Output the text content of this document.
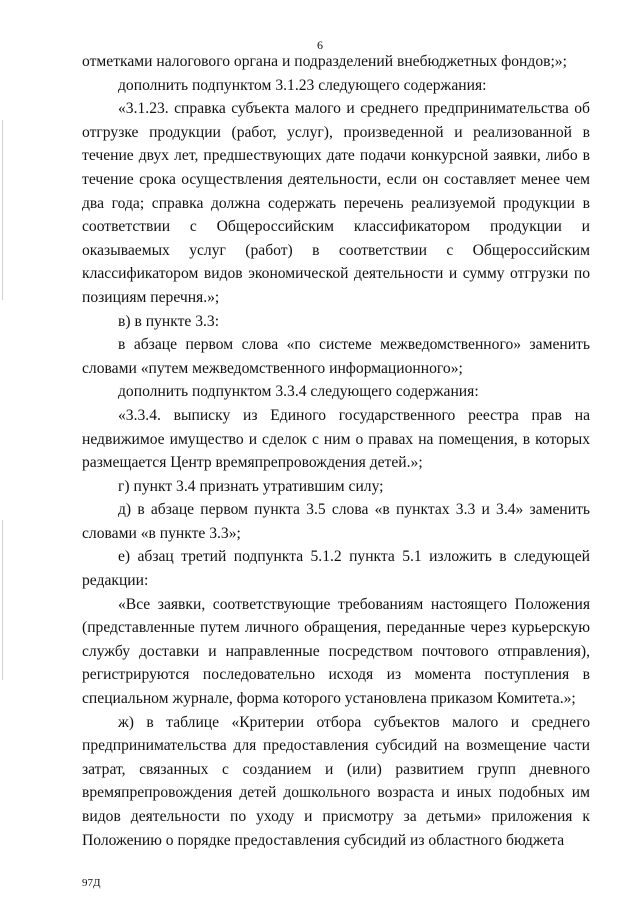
6

отметками налогового органа и подразделений внебюджетных фондов;»;

дополнить подпунктом 3.1.23 следующего содержания:

«3.1.23. справка субъекта малого и среднего предпринимательства об отгрузке продукции (работ, услуг), произведенной и реализованной в течение двух лет, предшествующих дате подачи конкурсной заявки, либо в течение срока осуществления деятельности, если он составляет менее чем два года; справка должна содержать перечень реализуемой продукции в соответствии с Общероссийским классификатором продукции и оказываемых услуг (работ) в соответствии с Общероссийским классификатором видов экономической деятельности и сумму отгрузки по позициям перечня.»;

в) в пункте 3.3:

в абзаце первом слова «по системе межведомственного» заменить словами «путем межведомственного информационного»;

дополнить подпунктом 3.3.4 следующего содержания:

«3.3.4. выписку из Единого государственного реестра прав на недвижимое имущество и сделок с ним о правах на помещения, в которых размещается Центр времяпрепровождения детей.»;

г) пункт 3.4 признать утратившим силу;

д) в абзаце первом пункта 3.5 слова «в пунктах 3.3 и 3.4» заменить словами «в пункте 3.3»;

е) абзац третий подпункта 5.1.2 пункта 5.1 изложить в следующей редакции:

«Все заявки, соответствующие требованиям настоящего Положения (представленные путем личного обращения, переданные через курьерскую службу доставки и направленные посредством почтового отправления), регистрируются последовательно исходя из момента поступления в специальном журнале, форма которого установлена приказом Комитета.»;

ж) в таблице «Критерии отбора субъектов малого и среднего предпринимательства для предоставления субсидий на возмещение части затрат, связанных с созданием и (или) развитием групп дневного времяпрепровождения детей дошкольного возраста и иных подобных им видов деятельности по уходу и присмотру за детьми» приложения к Положению о порядке предоставления субсидий из областного бюджета

97Д
